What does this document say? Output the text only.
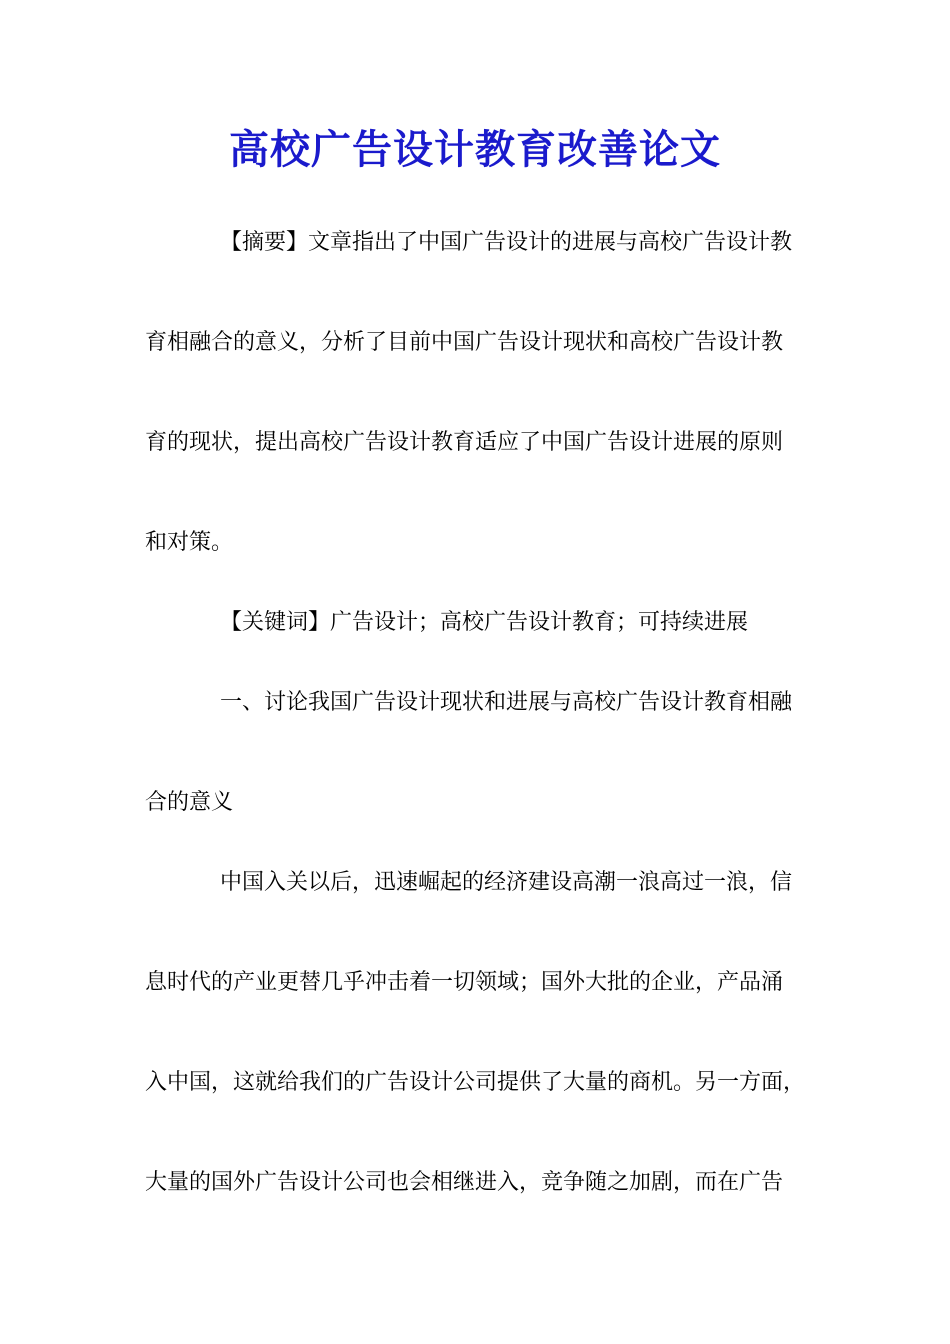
高校广告设计教育改善论文
【摘要】文章指出了中国广告设计的进展与高校广告设计教
育相融合的意义，分析了目前中国广告设计现状和高校广告设计教
育的现状，提出高校广告设计教育适应了中国广告设计进展的原则
和对策。
【关键词】广告设计；高校广告设计教育；可持续进展
一、讨论我国广告设计现状和进展与高校广告设计教育相融
合的意义
中国入关以后，迅速崛起的经济建设高潮一浪高过一浪，信
息时代的产业更替几乎冲击着一切领域；国外大批的企业，产品涌
入中国，这就给我们的广告设计公司提供了大量的商机。另一方面，
大量的国外广告设计公司也会相继进入，竞争随之加剧，而在广告
